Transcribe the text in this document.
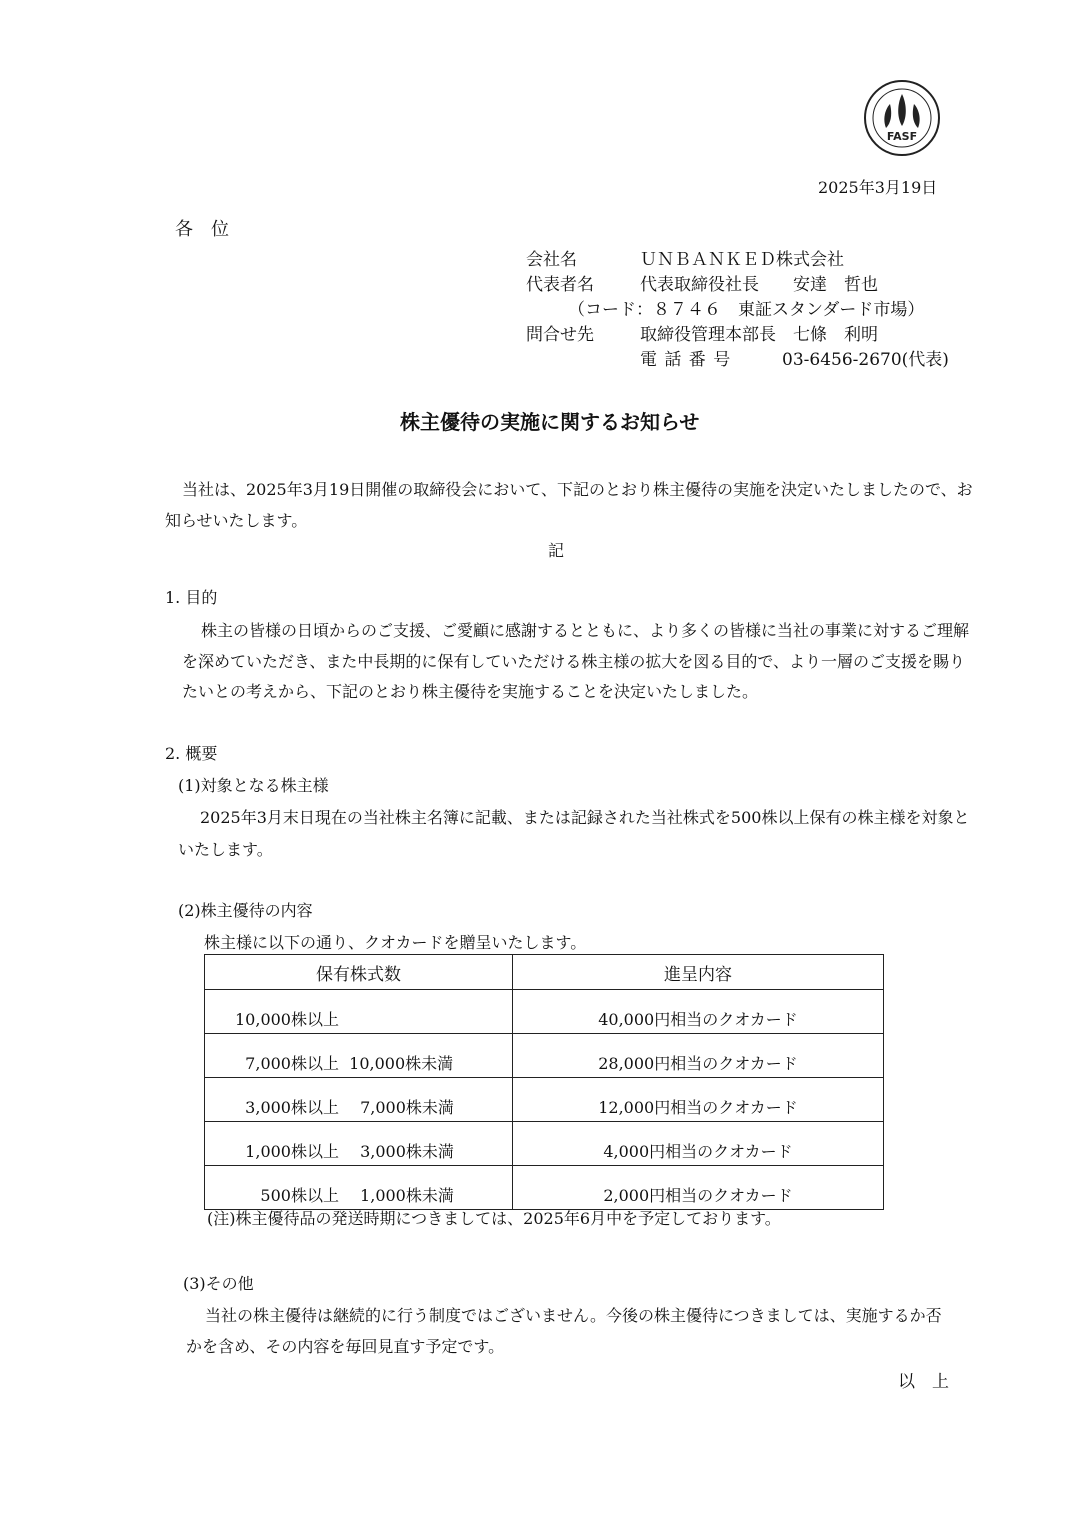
FASF
2025年3月19日
各　位
会社名	ＵＮＢＡＮＫＥＤ株式会社
代表者名	代表取締役社長　　安達　哲也
（コード：８７４６　東証スタンダード市場）
問合せ先	取締役管理本部長　七條　利明
電 話 番 号	03-6456-2670(代表)
株主優待の実施に関するお知らせ
当社は、2025年3月19日開催の取締役会において、下記のとおり株主優待の実施を決定いたしましたので、お
知らせいたします。
記
1. 目的
株主の皆様の日頃からのご支援、ご愛顧に感謝するとともに、より多くの皆様に当社の事業に対するご理解
を深めていただき、また中長期的に保有していただける株主様の拡大を図る目的で、より一層のご支援を賜り
たいとの考えから、下記のとおり株主優待を実施することを決定いたしました。
2. 概要
(1)対象となる株主様
2025年3月末日現在の当社株主名簿に記載、または記録された当社株式を500株以上保有の株主様を対象と
いたします。
(2)株主優待の内容
株主様に以下の通り、クオカードを贈呈いたします。
保有株式数	進呈内容
10,000株以上	40,000円相当のクオカード
7,000株以上  10,000株未満	28,000円相当のクオカード
3,000株以上　 7,000株未満	12,000円相当のクオカード
1,000株以上　 3,000株未満	4,000円相当のクオカード
500株以上　 1,000株未満	2,000円相当のクオカード
(注)株主優待品の発送時期につきましては、2025年6月中を予定しております。
(3)その他
当社の株主優待は継続的に行う制度ではございません。今後の株主優待につきましては、実施するか否
かを含め、その内容を毎回見直す予定です。
以　上
